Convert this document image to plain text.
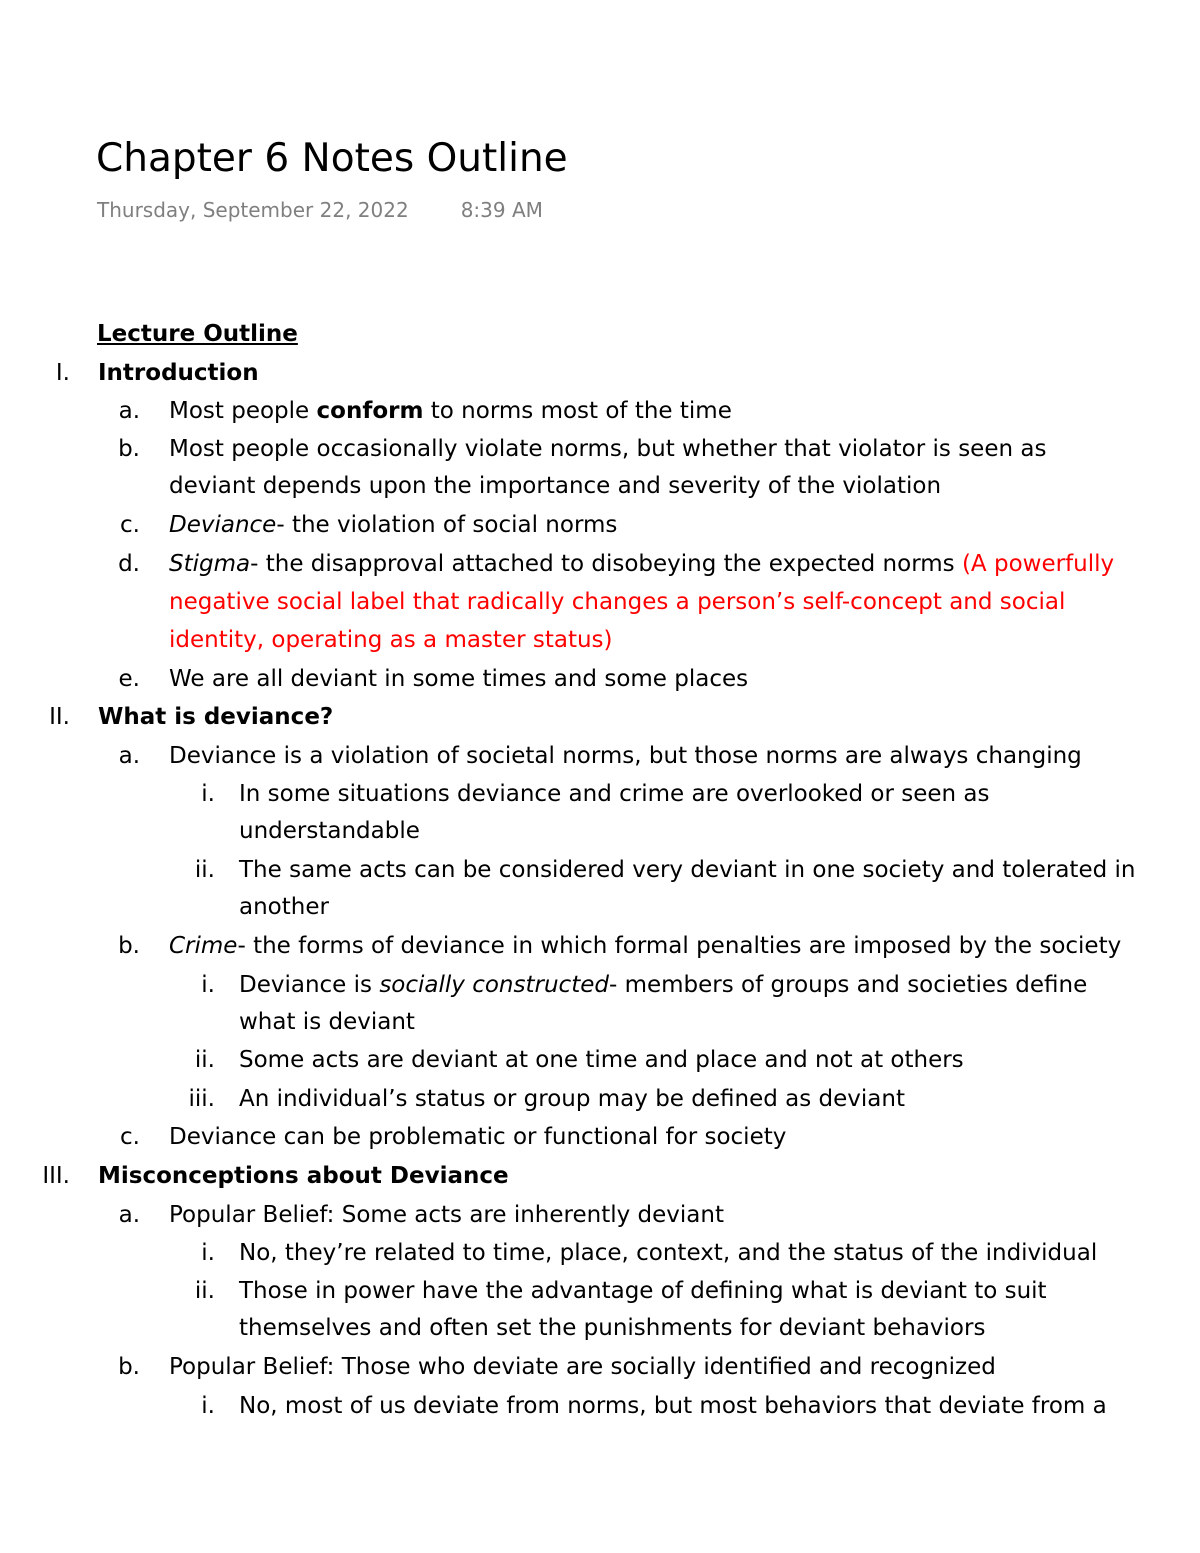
Chapter 6 Notes Outline
Thursday, September 22, 2022	8:39 AM
Lecture Outline
I. Introduction
a. Most people conform to norms most of the time
b. Most people occasionally violate norms, but whether that violator is seen as
deviant depends upon the importance and severity of the violation
c. Deviance- the violation of social norms
d. Stigma- the disapproval attached to disobeying the expected norms (A powerfully
negative social label that radically changes a person’s self-concept and social
identity, operating as a master status)
e. We are all deviant in some times and some places
II. What is deviance?
a. Deviance is a violation of societal norms, but those norms are always changing
i. In some situations deviance and crime are overlooked or seen as
understandable
ii. The same acts can be considered very deviant in one society and tolerated in
another
b. Crime- the forms of deviance in which formal penalties are imposed by the society
i. Deviance is socially constructed- members of groups and societies define
what is deviant
ii. Some acts are deviant at one time and place and not at others
iii. An individual’s status or group may be defined as deviant
c. Deviance can be problematic or functional for society
III. Misconceptions about Deviance
a. Popular Belief: Some acts are inherently deviant
i. No, they’re related to time, place, context, and the status of the individual
ii. Those in power have the advantage of defining what is deviant to suit
themselves and often set the punishments for deviant behaviors
b. Popular Belief: Those who deviate are socially identified and recognized
i. No, most of us deviate from norms, but most behaviors that deviate from a
